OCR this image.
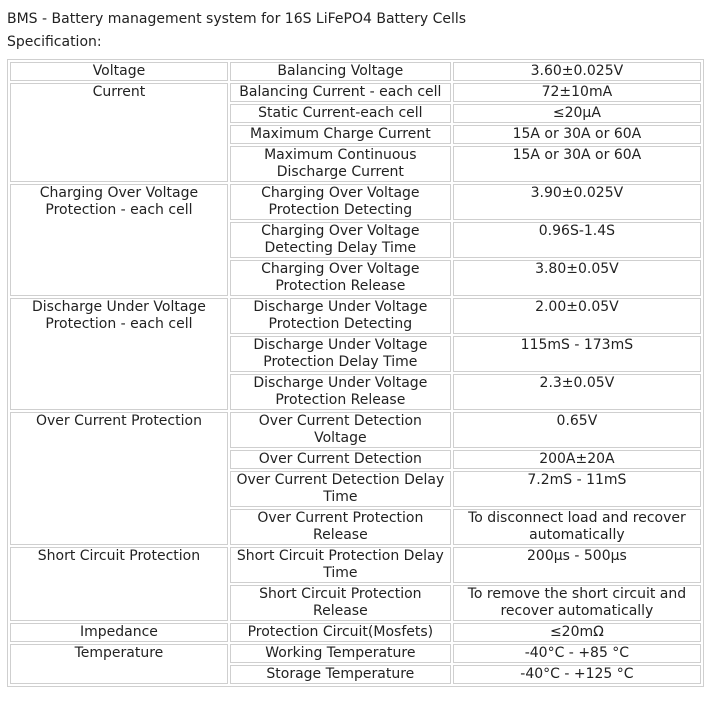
BMS - Battery management system for 16S LiFePO4 Battery Cells
Specification:
Voltage	Balancing Voltage	3.60±0.025V
Current	Balancing Current - each cell	72±10mA
	Static Current-each cell	≤20μA
	Maximum Charge Current	15A or 30A or 60A
	Maximum Continuous Discharge Current	15A or 30A or 60A
Charging Over Voltage Protection - each cell	Charging Over Voltage Protection Detecting	3.90±0.025V
	Charging Over Voltage Detecting Delay Time	0.96S-1.4S
	Charging Over Voltage Protection Release	3.80±0.05V
Discharge Under Voltage Protection - each cell	Discharge Under Voltage Protection Detecting	2.00±0.05V
	Discharge Under Voltage Protection Delay Time	115mS - 173mS
	Discharge Under Voltage Protection Release	2.3±0.05V
Over Current Protection	Over Current Detection Voltage	0.65V
	Over Current Detection	200A±20A
	Over Current Detection Delay Time	7.2mS - 11mS
	Over Current Protection Release	To disconnect load and recover automatically
Short Circuit Protection	Short Circuit Protection Delay Time	200μs - 500μs
	Short Circuit Protection Release	To remove the short circuit and recover automatically
Impedance	Protection Circuit(Mosfets)	≤20mΩ
Temperature	Working Temperature	-40°C - +85 °C
	Storage Temperature	-40°C - +125 °C
